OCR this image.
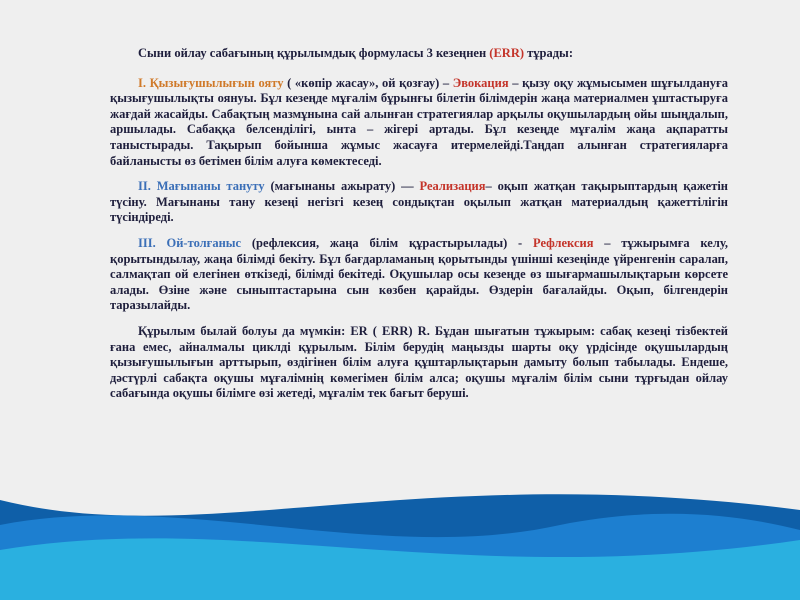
Сыни ойлау сабағының құрылымдық формуласы 3 кезеңнен (ERR) тұрады:

I. Қызығушылығын ояту ( «көпір жасау», ой қозғау) – Эвокация – қызу оқу жұмысымен шұғылдануға қызығушылықты оянуы. Бұл кезеңде мұғалім бұрынғы білетін білімдерін жаңа материалмен ұштастыруға жағдай жасайды. Сабақтың мазмұнына сай алынған стратегиялар арқылы оқушылардың ойы шыңдалып, аршылады. Сабаққа белсенділігі, ынта – жігері артады. Бұл кезеңде мұғалім жаңа ақпаратты таныстырады. Тақырып бойынша жұмыс жасауға итермелейді.Таңдап алынған стратегияларға байланысты өз бетімен білім алуға көмектеседі.

II. Мағынаны тануту (мағынаны ажырату) — Реализация– оқып жатқан тақырыптардың қажетін түсіну. Мағынаны тану кезеңі негізгі кезең сондықтан оқылып жатқан материалдың қажеттілігін түсіндіреді.

III. Ой-толғаныс (рефлексия, жаңа білім құрастырылады) - Рефлексия – тұжырымға келу, қорытындылау, жаңа білімді бекіту. Бұл бағдарламаның қорытынды үшінші кезеңінде үйренгенін саралап, салмақтап ой елегінен өткізеді, білімді бекітеді. Оқушылар осы кезеңде өз шығармашылықтарын көрсете алады. Өзіне және сыныптастарына сын көзбен қарайды. Өздерін бағалайды. Оқып, білгендерін таразылайды.

Құрылым былай болуы да мүмкін: ER ( ERR) R. Бұдан шығатын тұжырым: сабақ кезеңі тізбектей ғана емес, айналмалы циклді құрылым. Білім берудің маңызды шарты оқу үрдісінде оқушылардың қызығушылығын арттырып, өздігінен білім алуға құштарлықтарын дамыту болып табылады. Ендеше, дәстүрлі сабақта оқушы мұғалімнің көмегімен білім алса; оқушы мұғалім білім сыни тұрғыдан ойлау сабағында оқушы білімге өзі жетеді, мұғалім тек бағыт беруші.
